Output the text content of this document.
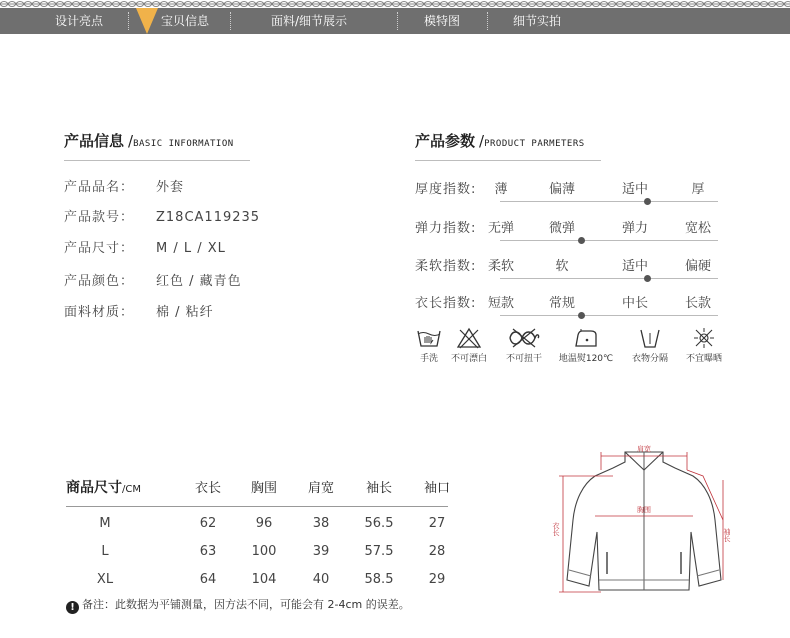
设计亮点	宝贝信息	面料/细节展示	模特图	细节实拍
产品信息 /BASIC INFORMATION
产品品名： 外套
产品款号： Z18CA119235
产品尺寸： M / L / XL
产品颜色： 红色 / 藏青色
面料材质： 棉 / 粘纤
产品参数 /PRODUCT PARMETERS
厚度指数:	薄	偏薄	适中	厚
弹力指数: 无弹	微弹	弹力	宽松
柔软指数: 柔软	软	适中	偏硬
衣长指数: 短款	常规	中长	长款
手洗	不可漂白	不可扭干	地温熨120℃	衣物分隔	不宜曝晒
商品尺寸/CM	衣长	胸围	肩宽	袖长	袖口
M	62	96	38	56.5	27
L	63	100	39	57.5	28
XL	64	104	40	58.5	29
! 备注：此数据为平铺测量，因方法不同，可能会有 2-4cm 的误差。
肩宽
胸围
衣长	袖长
